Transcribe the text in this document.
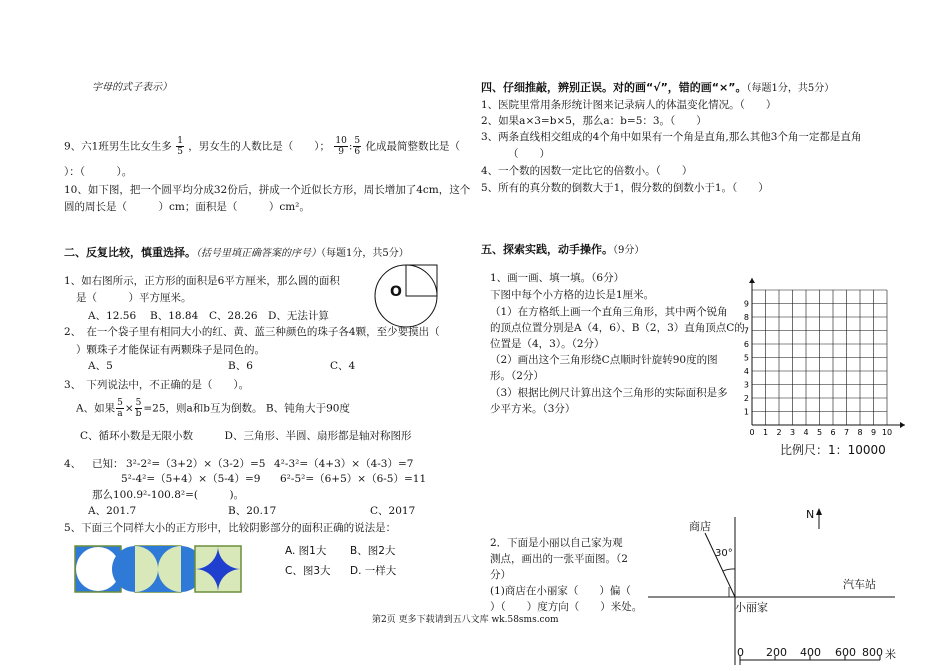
字母的式子表示）
9、六1班男生比女生多 $\frac{1}{5}$ ，男女生的人数比是（　　）； $\frac{10}{9}$ : $\frac{5}{6}$ 化成最简整数比是（
）：（　　　）。
10、如下图，把一个圆平均分成32份后，拼成一个近似长方形，周长增加了4cm，这个
圆的周长是（　　　）cm；面积是（　　　）cm²。
二、反复比较，慎重选择。（括号里填正确答案的序号）（每题1分，共5分）
1、如右图所示，正方形的面积是6平方厘米，那么圆的面积
是（　　　）平方厘米。
A、12.56 B、18.84 C、28.26 D、无法计算
O
2、　在一个袋子里有相同大小的红、黄、蓝三种颜色的珠子各4颗，至少要摸出（
）颗珠子才能保证有两颗珠子是同色的。
A、5	B、6	C、4
3、　下列说法中，不正确的是（　　）。
A、如果 $\frac{5}{a} \times \frac{5}{b} =25$，则a和b互为倒数。 B、钝角大于90度
C、循环小数是无限小数　　　D、三角形、半圆、扇形都是轴对称图形
4、 已知： 3²-2²=（3+2）×（3-2）=5 4²-3²=（4+3）×（4-3）=7
5²-4²=（5+4）×（5-4）=9 6²-5²=（6+5）×（6-5）=11
那么100.9²-100.8²=(　　　)。
A、201.7	B、20.17	C、2017
5、下面三个同样大小的正方形中，比较阴影部分的面积正确的说法是：
A. 图1大 B、图2大
C、图3大 D. 一样大
四、仔细推敲，辨别正误。对的画“√”，错的画“×”。（每题1分，共5分）
1、医院里常用条形统计图来记录病人的体温变化情况。（　　）
2、如果a×3=b×5，那么a：b=5：3。（　　）
3、两条直线相交组成的4个角中如果有一个角是直角,那么其他3个角一定都是直角
（　　）
4、一个数的因数一定比它的倍数小。（　　）
5、所有的真分数的倒数大于1，假分数的倒数小于1。（　　）
五、探索实践，动手操作。（9分）
1、画一画、填一填。（6分）
下图中每个小方格的边长是1厘米。
（1）在方格纸上画一个直角三角形，其中两个锐角
的顶点位置分别是A（4，6）、B（2，3）直角顶点C的
位置是（4，3）。（2分）
（2）画出这个三角形绕C点顺时针旋转90度的图
形。（2分）
（3）根据比例尺计算出这个三角形的实际面积是多
少平方米。（3分）
0 1 2 3 4 5 6 7 8 9 10
9
8
7
6
5
4
3
2
1
比例尺：1：10000
2．下面是小丽以自己家为观
测点，画出的一张平面图。（2
分）
(1)商店在小丽家（　　）偏（
）（　　）度方向（　　）米处。
商店
30°
N
汽车站
小丽家
0 200 400 600 800 米
第2页 更多下载请到五八文库 wk.58sms.com
